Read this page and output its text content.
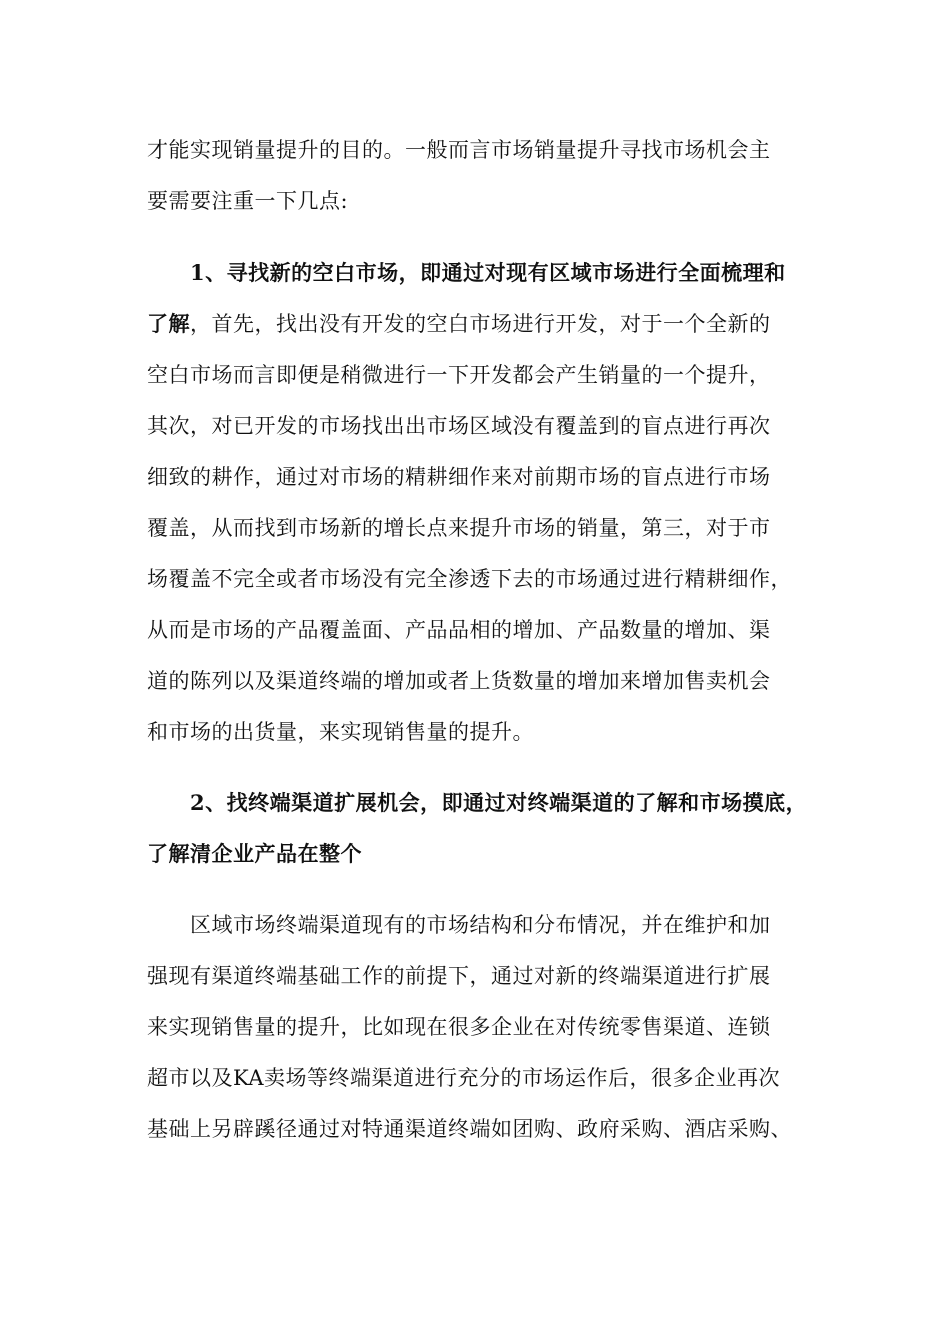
才能实现销量提升的目的。一般而言市场销量提升寻找市场机会主
要需要注重一下几点:
1、寻找新的空白市场，即通过对现有区域市场进行全面梳理和
了解，首先，找出没有开发的空白市场进行开发，对于一个全新的
空白市场而言即便是稍微进行一下开发都会产生销量的一个提升，
其次，对已开发的市场找出出市场区域没有覆盖到的盲点进行再次
细致的耕作，通过对市场的精耕细作来对前期市场的盲点进行市场
覆盖，从而找到市场新的增长点来提升市场的销量，第三，对于市
场覆盖不完全或者市场没有完全渗透下去的市场通过进行精耕细作，
从而是市场的产品覆盖面、产品品相的增加、产品数量的增加、渠
道的陈列以及渠道终端的增加或者上货数量的增加来增加售卖机会
和市场的出货量，来实现销售量的提升。
2、找终端渠道扩展机会，即通过对终端渠道的了解和市场摸底，
了解清企业产品在整个
区域市场终端渠道现有的市场结构和分布情况，并在维护和加
强现有渠道终端基础工作的前提下，通过对新的终端渠道进行扩展
来实现销售量的提升，比如现在很多企业在对传统零售渠道、连锁
超市以及KA卖场等终端渠道进行充分的市场运作后，很多企业再次
基础上另辟蹊径通过对特通渠道终端如团购、政府采购、酒店采购、
